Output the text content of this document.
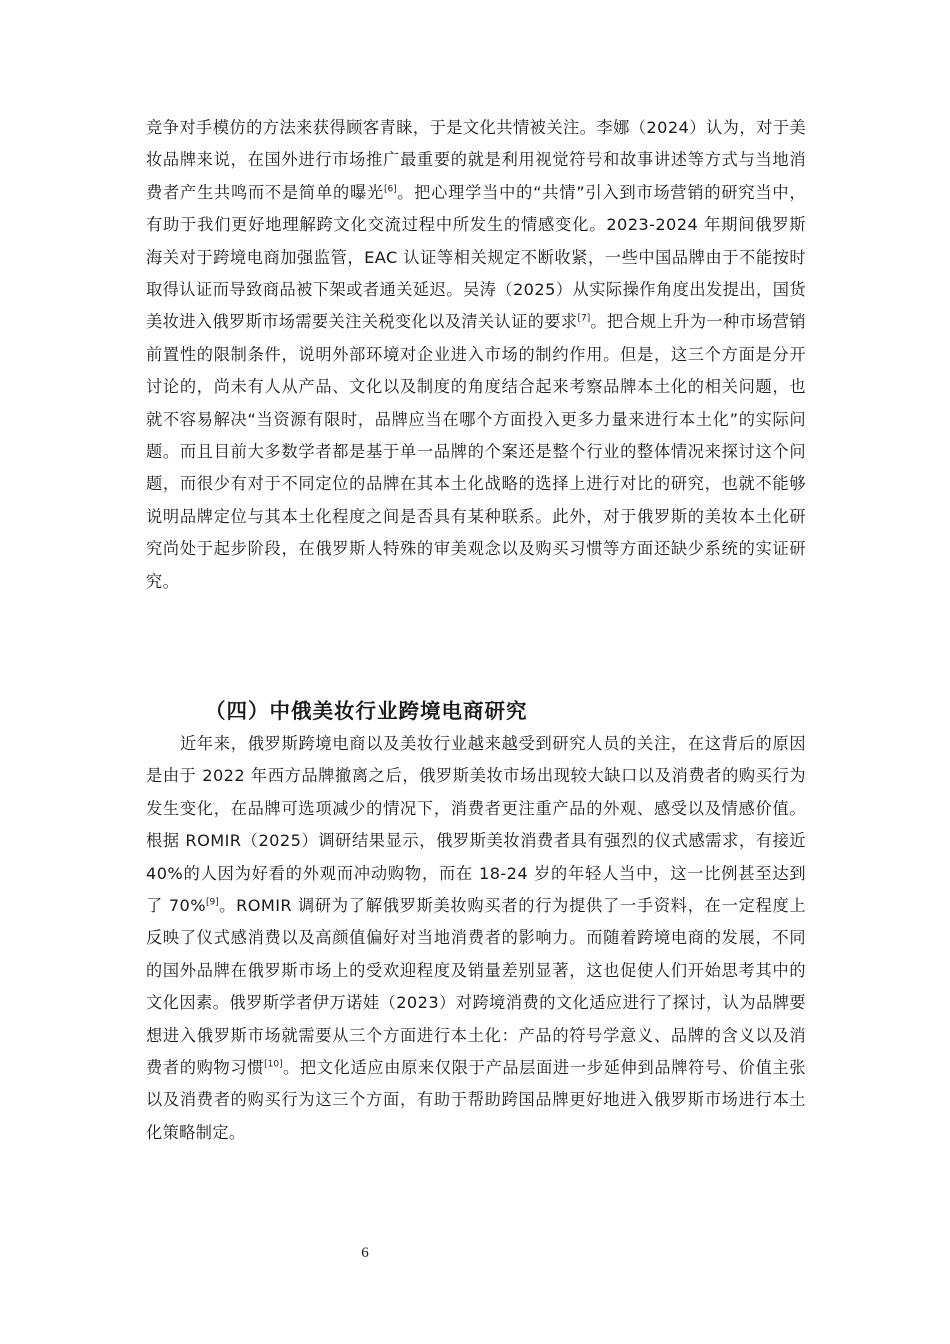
竞争对手模仿的方法来获得顾客青睐，于是文化共情被关注。李娜（2024）认为，对于美妆品牌来说，在国外进行市场推广最重要的就是利用视觉符号和故事讲述等方式与当地消费者产生共鸣而不是简单的曝光[6]。把心理学当中的“共情”引入到市场营销的研究当中，有助于我们更好地理解跨文化交流过程中所发生的情感变化。2023-2024 年期间俄罗斯海关对于跨境电商加强监管，EAC 认证等相关规定不断收紧，一些中国品牌由于不能按时取得认证而导致商品被下架或者通关延迟。吴涛（2025）从实际操作角度出发提出，国货美妆进入俄罗斯市场需要关注关税变化以及清关认证的要求[7]。把合规上升为一种市场营销前置性的限制条件，说明外部环境对企业进入市场的制约作用。但是，这三个方面是分开讨论的，尚未有人从产品、文化以及制度的角度结合起来考察品牌本土化的相关问题，也就不容易解决“当资源有限时，品牌应当在哪个方面投入更多力量来进行本土化”的实际问题。而且目前大多数学者都是基于单一品牌的个案还是整个行业的整体情况来探讨这个问题，而很少有对于不同定位的品牌在其本土化战略的选择上进行对比的研究，也就不能够说明品牌定位与其本土化程度之间是否具有某种联系。此外，对于俄罗斯的美妆本土化研究尚处于起步阶段，在俄罗斯人特殊的审美观念以及购买习惯等方面还缺少系统的实证研究。

（四）中俄美妆行业跨境电商研究

近年来，俄罗斯跨境电商以及美妆行业越来越受到研究人员的关注，在这背后的原因是由于 2022 年西方品牌撤离之后，俄罗斯美妆市场出现较大缺口以及消费者的购买行为发生变化，在品牌可选项减少的情况下，消费者更注重产品的外观、感受以及情感价值。根据 ROMIR（2025）调研结果显示，俄罗斯美妆消费者具有强烈的仪式感需求，有接近 40%的人因为好看的外观而冲动购物，而在 18-24 岁的年轻人当中，这一比例甚至达到了 70%[9]。ROMIR 调研为了解俄罗斯美妆购买者的行为提供了一手资料，在一定程度上反映了仪式感消费以及高颜值偏好对当地消费者的影响力。而随着跨境电商的发展，不同的国外品牌在俄罗斯市场上的受欢迎程度及销量差别显著，这也促使人们开始思考其中的文化因素。俄罗斯学者伊万诺娃（2023）对跨境消费的文化适应进行了探讨，认为品牌要想进入俄罗斯市场就需要从三个方面进行本土化：产品的符号学意义、品牌的含义以及消费者的购物习惯[10]。把文化适应由原来仅限于产品层面进一步延伸到品牌符号、价值主张以及消费者的购买行为这三个方面，有助于帮助跨国品牌更好地进入俄罗斯市场进行本土化策略制定。

6
